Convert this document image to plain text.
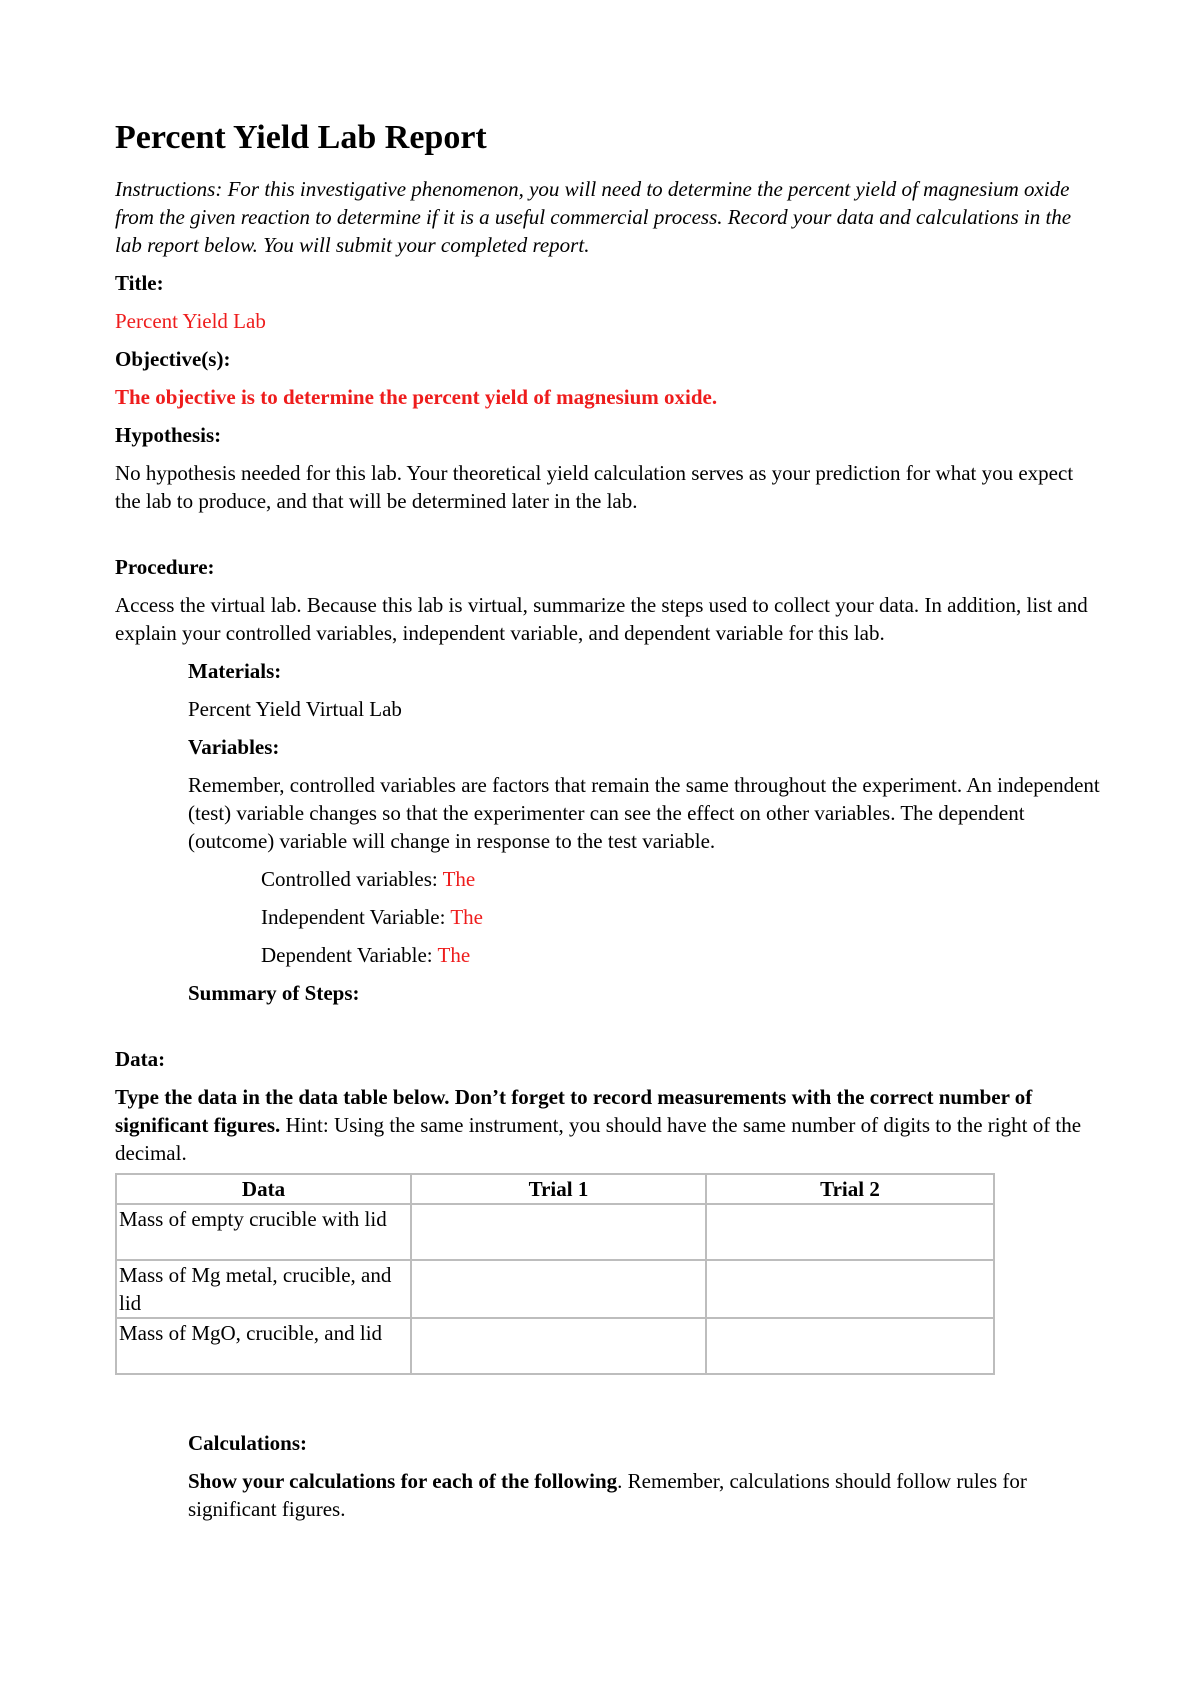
Percent Yield Lab Report

Instructions: For this investigative phenomenon, you will need to determine the percent yield of magnesium oxide from the given reaction to determine if it is a useful commercial process. Record your data and calculations in the lab report below. You will submit your completed report.

Title:

Percent Yield Lab

Objective(s):

The objective is to determine the percent yield of magnesium oxide.

Hypothesis:

No hypothesis needed for this lab. Your theoretical yield calculation serves as your prediction for what you expect the lab to produce, and that will be determined later in the lab.

Procedure:

Access the virtual lab. Because this lab is virtual, summarize the steps used to collect your data. In addition, list and explain your controlled variables, independent variable, and dependent variable for this lab.

Materials:

Percent Yield Virtual Lab

Variables:

Remember, controlled variables are factors that remain the same throughout the experiment. An independent (test) variable changes so that the experimenter can see the effect on other variables. The dependent (outcome) variable will change in response to the test variable.

Controlled variables: The

Independent Variable: The

Dependent Variable: The

Summary of Steps:

Data:

Type the data in the data table below. Don’t forget to record measurements with the correct number of significant figures. Hint: Using the same instrument, you should have the same number of digits to the right of the decimal.

Data	Trial 1	Trial 2
Mass of empty crucible with lid		
Mass of Mg metal, crucible, and lid		
Mass of MgO, crucible, and lid		

Calculations:

Show your calculations for each of the following. Remember, calculations should follow rules for significant figures.
